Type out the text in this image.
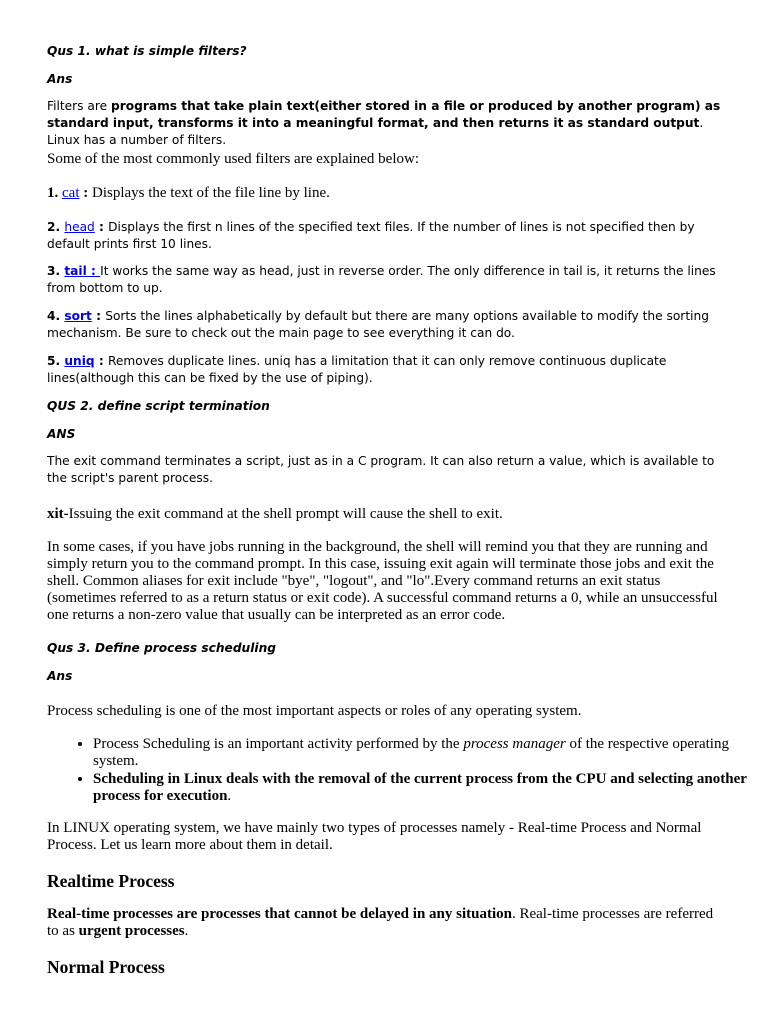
Qus 1. what is simple filters?

Ans

Filters are programs that take plain text(either stored in a file or produced by another program) as standard input, transforms it into a meaningful format, and then returns it as standard output. Linux has a number of filters.

Some of the most commonly used filters are explained below:

1. cat : Displays the text of the file line by line.

2. head : Displays the first n lines of the specified text files. If the number of lines is not specified then by default prints first 10 lines.

3. tail : It works the same way as head, just in reverse order. The only difference in tail is, it returns the lines from bottom to up.

4. sort : Sorts the lines alphabetically by default but there are many options available to modify the sorting mechanism. Be sure to check out the main page to see everything it can do.

5. uniq : Removes duplicate lines. uniq has a limitation that it can only remove continuous duplicate lines(although this can be fixed by the use of piping).

QUS 2. define script termination

ANS

The exit command terminates a script, just as in a C program. It can also return a value, which is available to the script's parent process.

xit-Issuing the exit command at the shell prompt will cause the shell to exit.

In some cases, if you have jobs running in the background, the shell will remind you that they are running and simply return you to the command prompt. In this case, issuing exit again will terminate those jobs and exit the shell. Common aliases for exit include "bye", "logout", and "lo".Every command returns an exit status (sometimes referred to as a return status or exit code). A successful command returns a 0, while an unsuccessful one returns a non-zero value that usually can be interpreted as an error code.

Qus 3. Define process scheduling

Ans

Process scheduling is one of the most important aspects or roles of any operating system.

• Process Scheduling is an important activity performed by the process manager of the respective operating system.
• Scheduling in Linux deals with the removal of the current process from the CPU and selecting another process for execution.

In LINUX operating system, we have mainly two types of processes namely - Real-time Process and Normal Process. Let us learn more about them in detail.

Realtime Process

Real-time processes are processes that cannot be delayed in any situation. Real-time processes are referred to as urgent processes.

Normal Process
